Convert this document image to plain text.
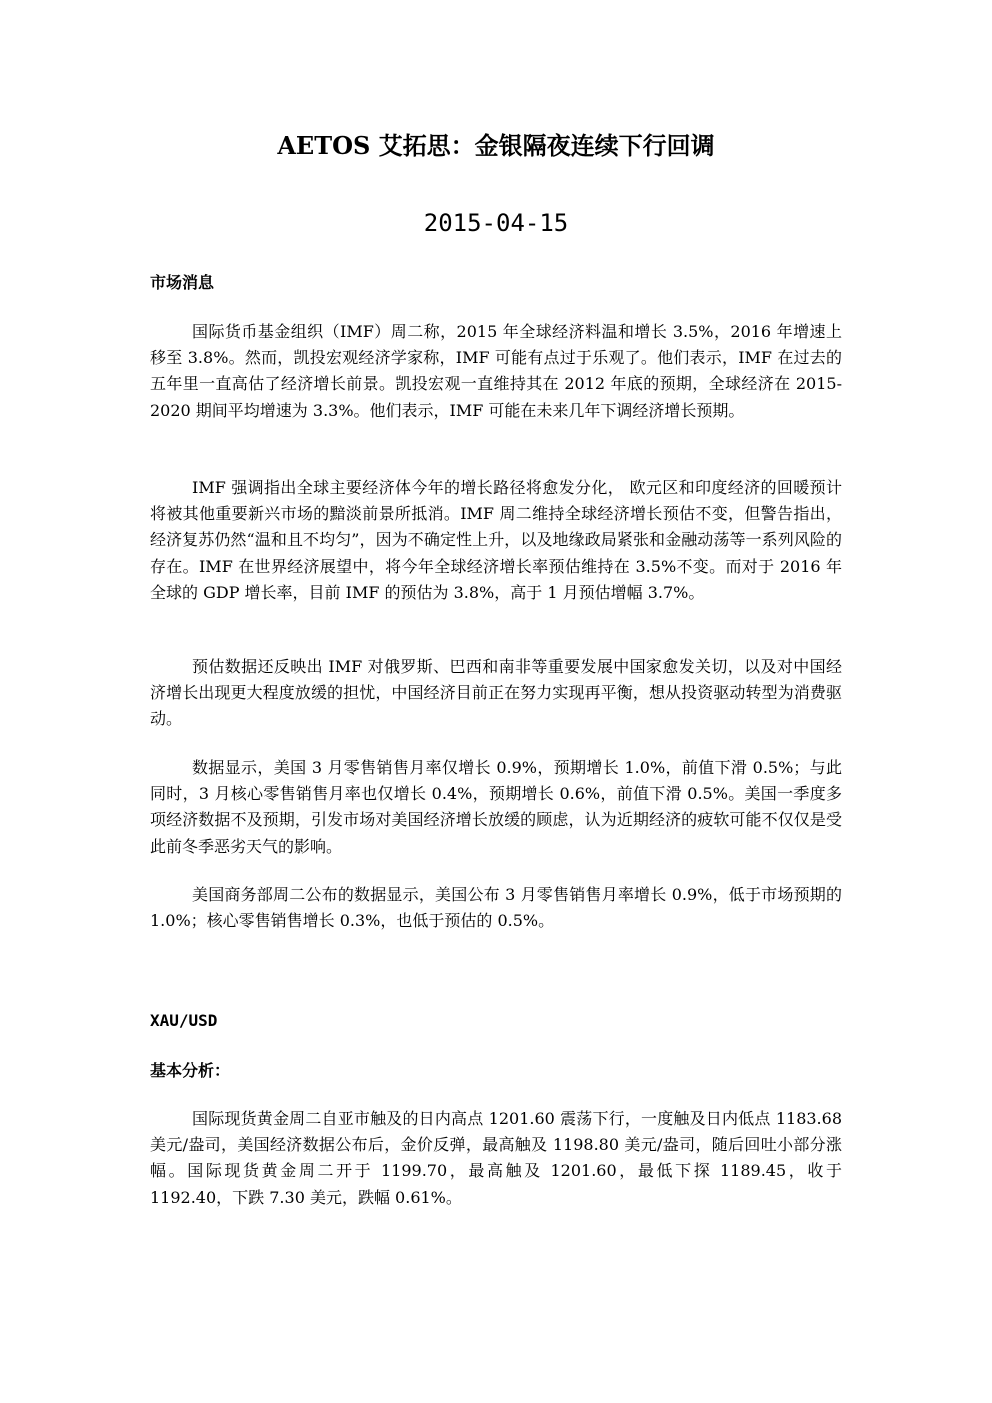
AETOS 艾拓思：金银隔夜连续下行回调
2015-04-15
市场消息

国际货币基金组织（IMF）周二称，2015 年全球经济料温和增长 3.5%，2016 年增速上移至 3.8%。然而，凯投宏观经济学家称，IMF 可能有点过于乐观了。他们表示，IMF 在过去的五年里一直高估了经济增长前景。凯投宏观一直维持其在 2012 年底的预期，全球经济在 2015-2020 期间平均增速为 3.3%。他们表示，IMF 可能在未来几年下调经济增长预期。

IMF 强调指出全球主要经济体今年的增长路径将愈发分化， 欧元区和印度经济的回暖预计将被其他重要新兴市场的黯淡前景所抵消。IMF 周二维持全球经济增长预估不变，但警告指出，经济复苏仍然“温和且不均匀”，因为不确定性上升，以及地缘政局紧张和金融动荡等一系列风险的存在。IMF 在世界经济展望中，将今年全球经济增长率预估维持在 3.5%不变。而对于 2016 年全球的 GDP 增长率，目前 IMF 的预估为 3.8%，高于 1 月预估增幅 3.7%。

预估数据还反映出 IMF 对俄罗斯、巴西和南非等重要发展中国家愈发关切，以及对中国经济增长出现更大程度放缓的担忧，中国经济目前正在努力实现再平衡，想从投资驱动转型为消费驱动。

数据显示，美国 3 月零售销售月率仅增长 0.9%，预期增长 1.0%，前值下滑 0.5%；与此同时，3 月核心零售销售月率也仅增长 0.4%，预期增长 0.6%，前值下滑 0.5%。美国一季度多项经济数据不及预期，引发市场对美国经济增长放缓的顾虑，认为近期经济的疲软可能不仅仅是受此前冬季恶劣天气的影响。

美国商务部周二公布的数据显示，美国公布 3 月零售销售月率增长 0.9%，低于市场预期的 1.0%；核心零售销售增长 0.3%，也低于预估的 0.5%。

XAU/USD
基本分析：

国际现货黄金周二自亚市触及的日内高点 1201.60 震荡下行，一度触及日内低点 1183.68 美元/盎司，美国经济数据公布后，金价反弹，最高触及 1198.80 美元/盎司，随后回吐小部分涨幅。国际现货黄金周二开于 1199.70，最高触及 1201.60，最低下探 1189.45，收于 1192.40，下跌 7.30 美元，跌幅 0.61%。
